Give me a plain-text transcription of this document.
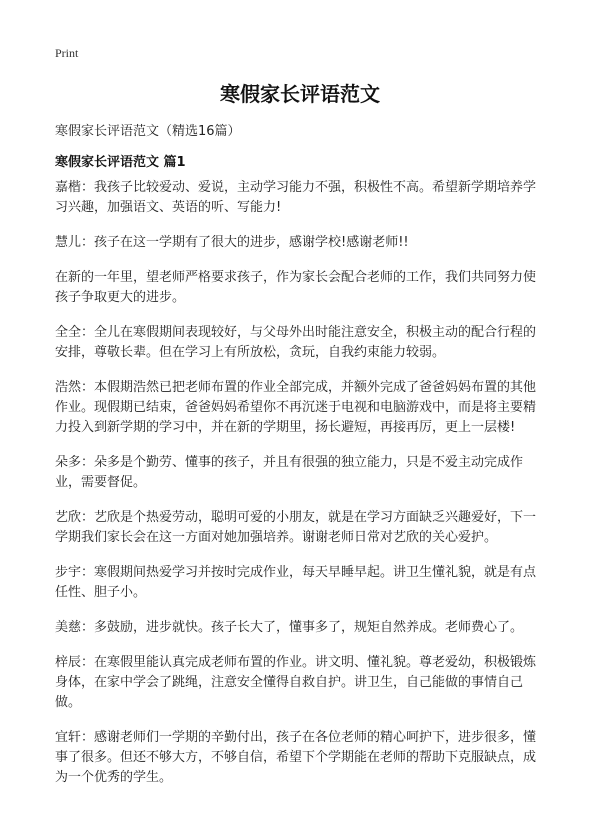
Print
寒假家长评语范文

寒假家长评语范文（精选16篇）

寒假家长评语范文 篇1

嘉楷：我孩子比较爱动、爱说，主动学习能力不强，积极性不高。希望新学期培养学习兴趣，加强语文、英语的听、写能力!

慧儿：孩子在这一学期有了很大的进步，感谢学校!感谢老师!!

在新的一年里，望老师严格要求孩子，作为家长会配合老师的工作，我们共同努力使孩子争取更大的进步。

全全：全儿在寒假期间表现较好，与父母外出时能注意安全，积极主动的配合行程的安排，尊敬长辈。但在学习上有所放松，贪玩，自我约束能力较弱。

浩然：本假期浩然已把老师布置的作业全部完成，并额外完成了爸爸妈妈布置的其他作业。现假期已结束，爸爸妈妈希望你不再沉迷于电视和电脑游戏中，而是将主要精力投入到新学期的学习中，并在新的学期里，扬长避短，再接再厉，更上一层楼!

朵多：朵多是个勤劳、懂事的孩子，并且有很强的独立能力，只是不爱主动完成作业，需要督促。

艺欣：艺欣是个热爱劳动，聪明可爱的小朋友，就是在学习方面缺乏兴趣爱好，下一学期我们家长会在这一方面对她加强培养。谢谢老师日常对艺欣的关心爱护。

步宇：寒假期间热爱学习并按时完成作业，每天早睡早起。讲卫生懂礼貌，就是有点任性、胆子小。

美慈：多鼓励，进步就快。孩子长大了，懂事多了，规矩自然养成。老师费心了。

梓辰：在寒假里能认真完成老师布置的作业。讲文明、懂礼貌。尊老爱幼，积极锻炼身体，在家中学会了跳绳，注意安全懂得自救自护。讲卫生，自己能做的事情自己做。

宜轩：感谢老师们一学期的辛勤付出，孩子在各位老师的精心呵护下，进步很多，懂事了很多。但还不够大方，不够自信，希望下个学期能在老师的帮助下克服缺点，成为一个优秀的学生。
